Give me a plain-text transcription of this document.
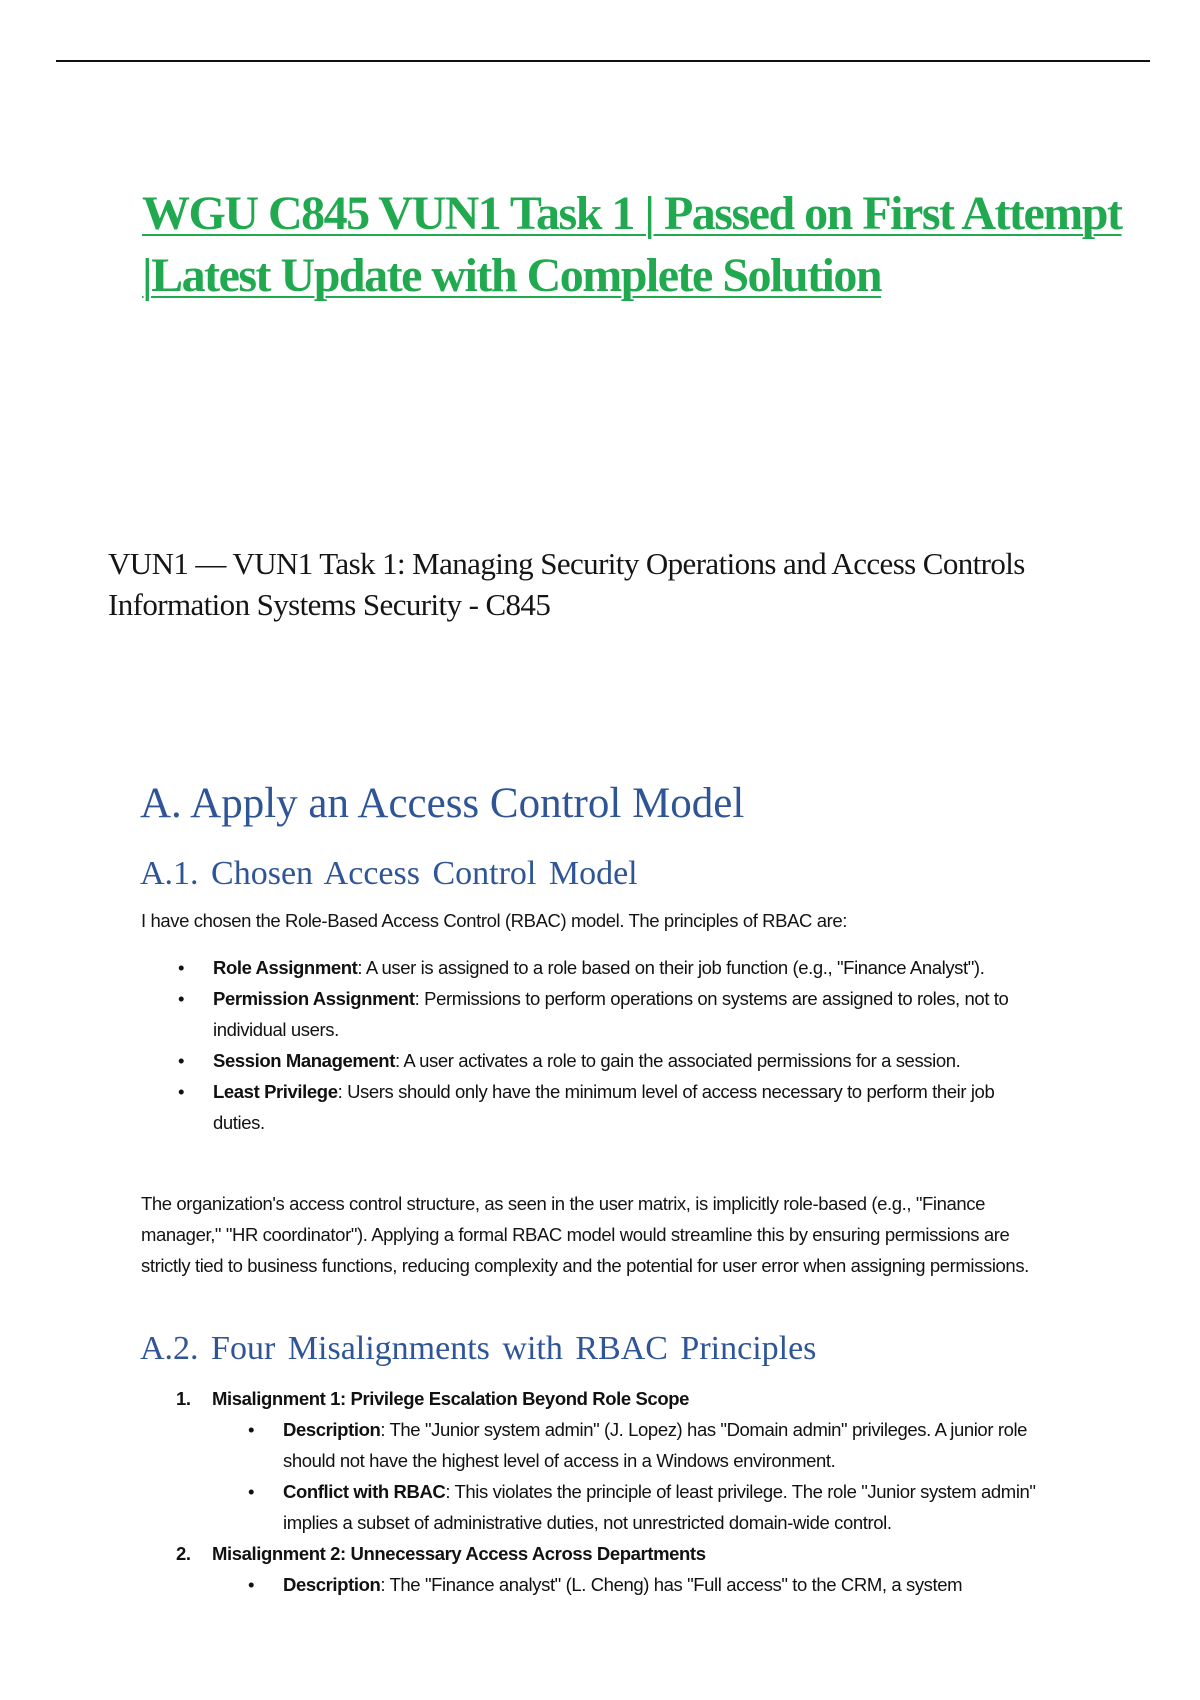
WGU C845 VUN1 Task 1 | Passed on First Attempt
|Latest Update with Complete Solution
VUN1 — VUN1 Task 1: Managing Security Operations and Access Controls
Information Systems Security - C845
A. Apply an Access Control Model
A.1. Chosen Access Control Model

I have chosen the Role-Based Access Control (RBAC) model. The principles of RBAC are:

• Role Assignment: A user is assigned to a role based on their job function (e.g., "Finance Analyst").
• Permission Assignment: Permissions to perform operations on systems are assigned to roles, not to individual users.
• Session Management: A user activates a role to gain the associated permissions for a session.
• Least Privilege: Users should only have the minimum level of access necessary to perform their job duties.

The organization's access control structure, as seen in the user matrix, is implicitly role-based (e.g., "Finance manager," "HR coordinator"). Applying a formal RBAC model would streamline this by ensuring permissions are strictly tied to business functions, reducing complexity and the potential for user error when assigning permissions.

A.2. Four Misalignments with RBAC Principles
1. Misalignment 1: Privilege Escalation Beyond Role Scope
• Description: The "Junior system admin" (J. Lopez) has "Domain admin" privileges. A junior role should not have the highest level of access in a Windows environment.
• Conflict with RBAC: This violates the principle of least privilege. The role "Junior system admin" implies a subset of administrative duties, not unrestricted domain-wide control.
2. Misalignment 2: Unnecessary Access Across Departments
• Description: The "Finance analyst" (L. Cheng) has "Full access" to the CRM, a system
